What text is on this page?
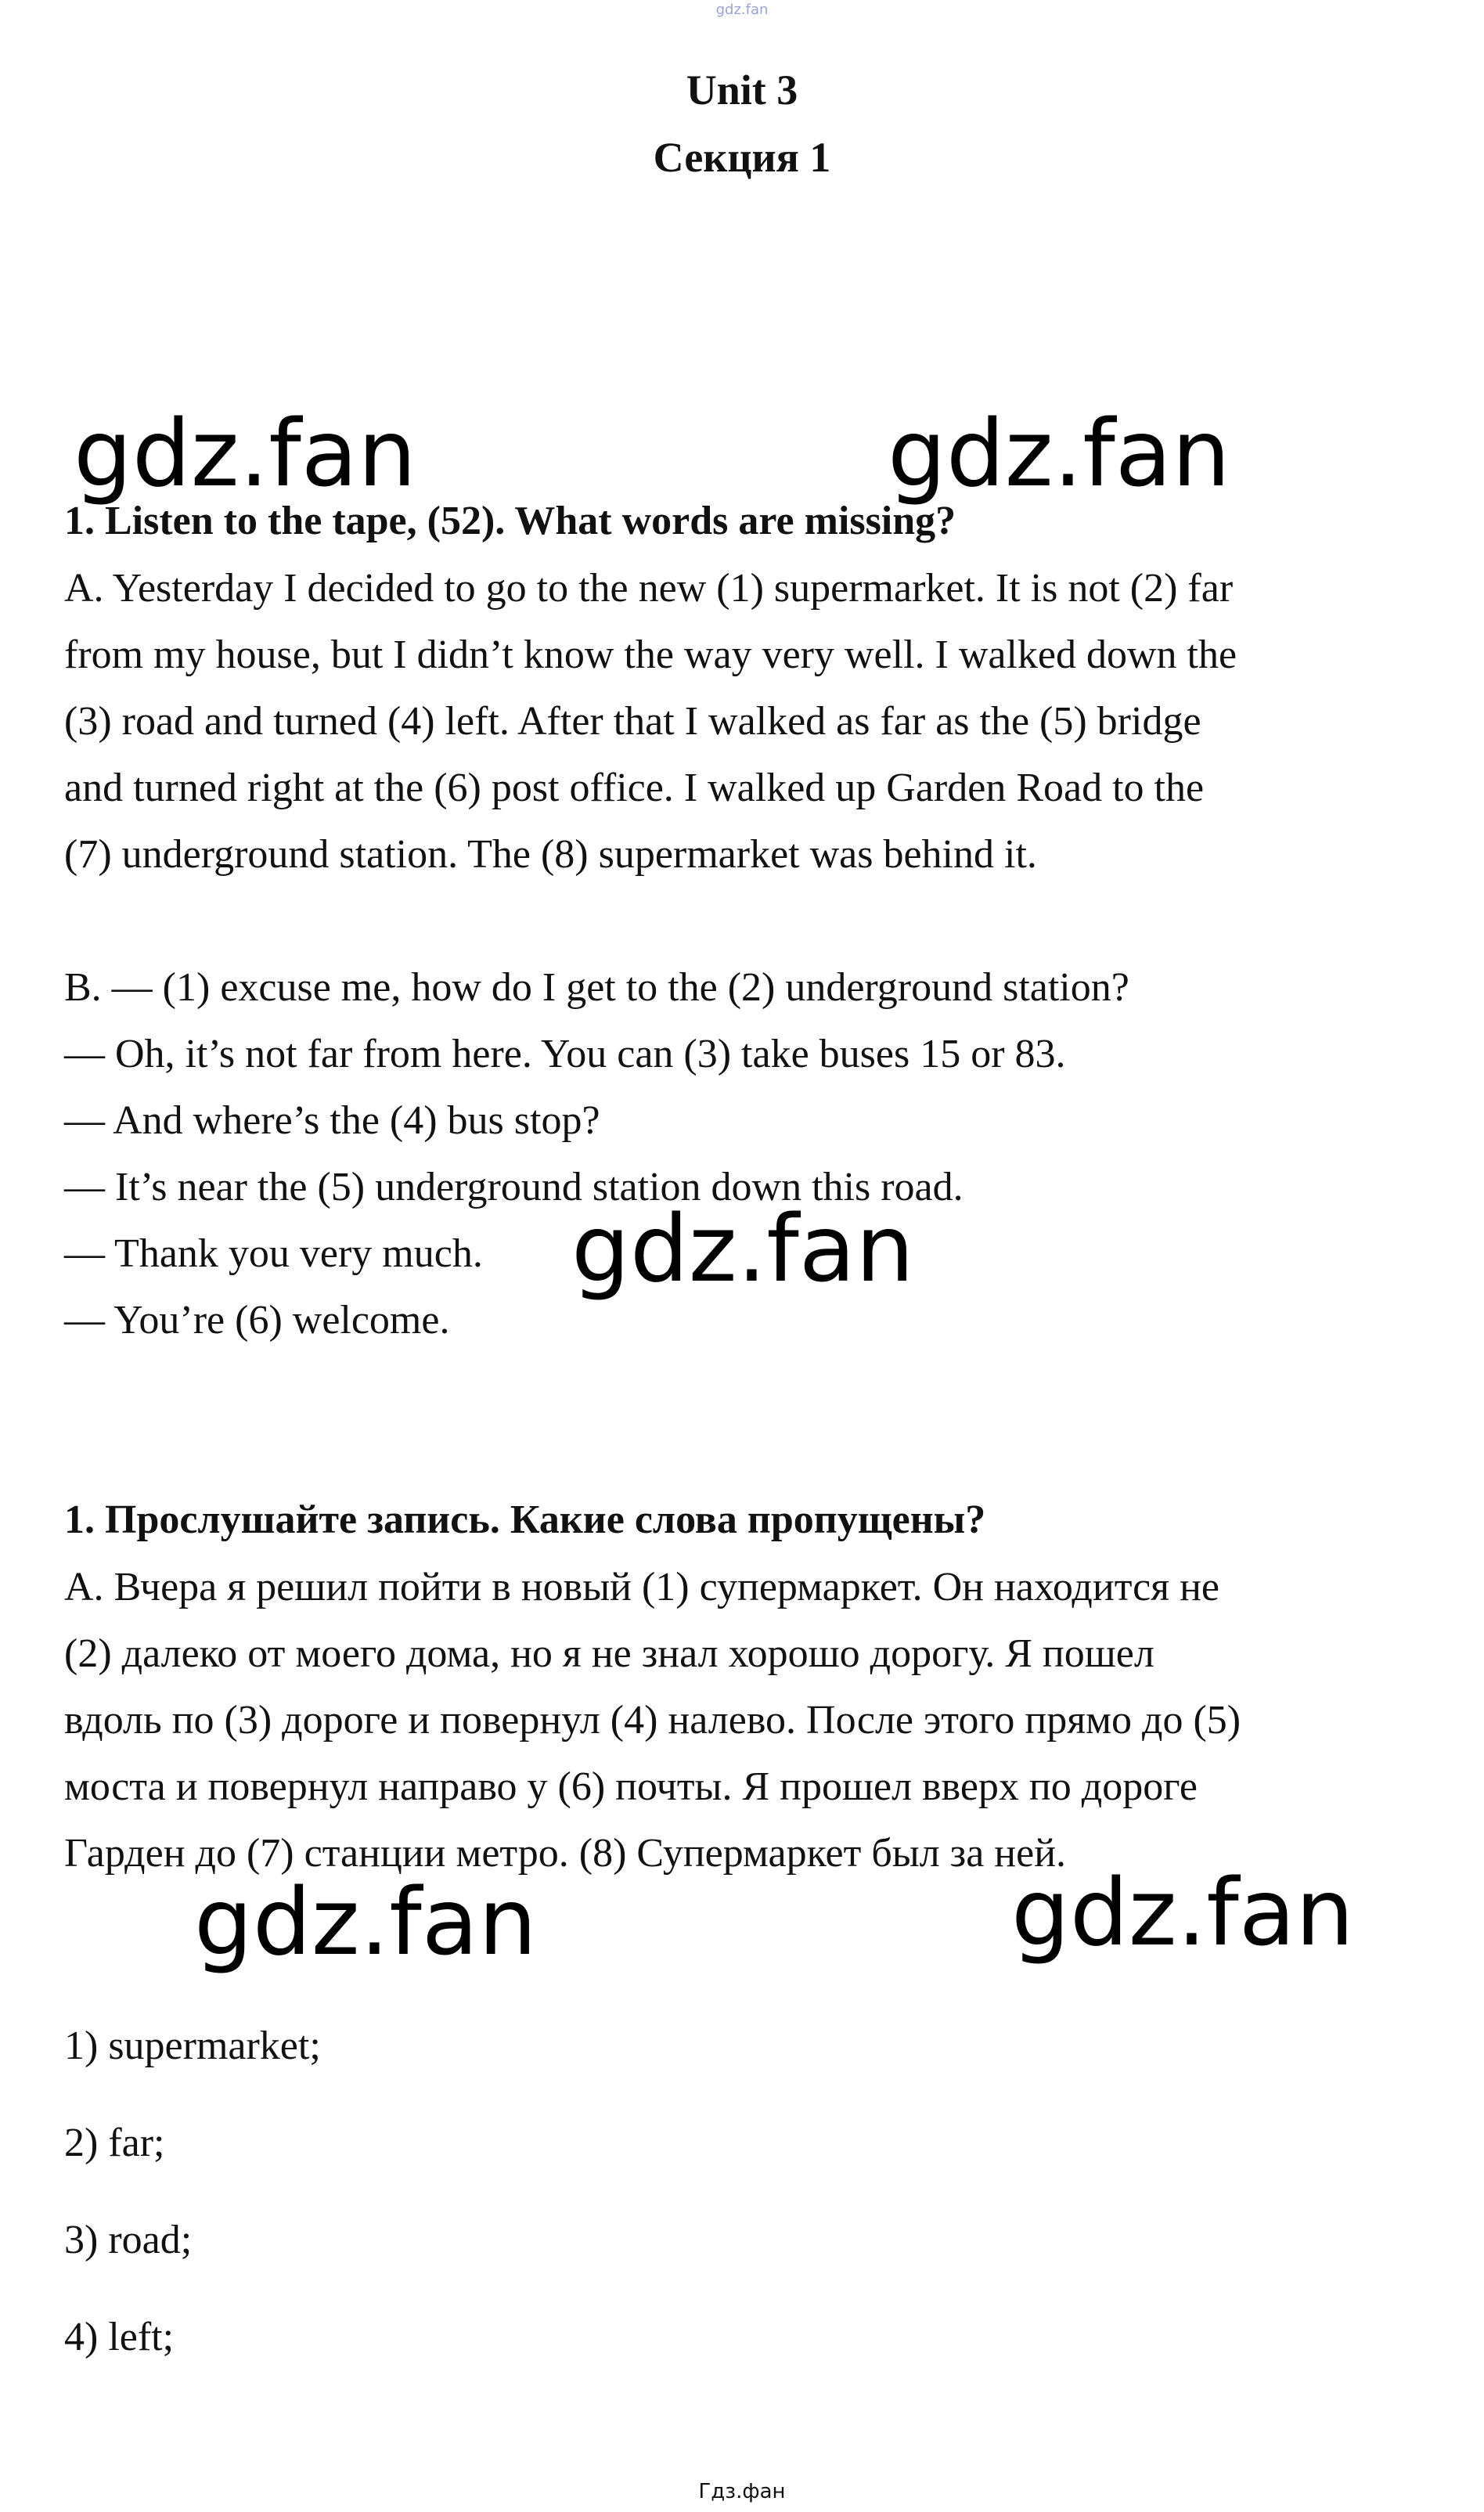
gdz.fan
Unit 3
Секция 1
gdz.fan	gdz.fan
gdz.fan
gdz.fan	gdz.fan
1. Listen to the tape, (52). What words are missing?
A. Yesterday I decided to go to the new (1) supermarket. It is not (2) far
from my house, but I didn’t know the way very well. I walked down the
(3) road and turned (4) left. After that I walked as far as the (5) bridge
and turned right at the (6) post office. I walked up Garden Road to the
(7) underground station. The (8) supermarket was behind it.
B. — (1) excuse me, how do I get to the (2) underground station?
— Oh, it’s not far from here. You can (3) take buses 15 or 83.
— And where’s the (4) bus stop?
— It’s near the (5) underground station down this road.
— Thank you very much.
— You’re (6) welcome.
1. Прослушайте запись. Какие слова пропущены?
А. Вчера я решил пойти в новый (1) супермаркет. Он находится не
(2) далеко от моего дома, но я не знал хорошо дорогу. Я пошел
вдоль по (3) дороге и повернул (4) налево. После этого прямо до (5)
моста и повернул направо у (6) почты. Я прошел вверх по дороге
Гарден до (7) станции метро. (8) Супермаркет был за ней.
1) supermarket;
2) far;
3) road;
4) left;
Гдз.фан
